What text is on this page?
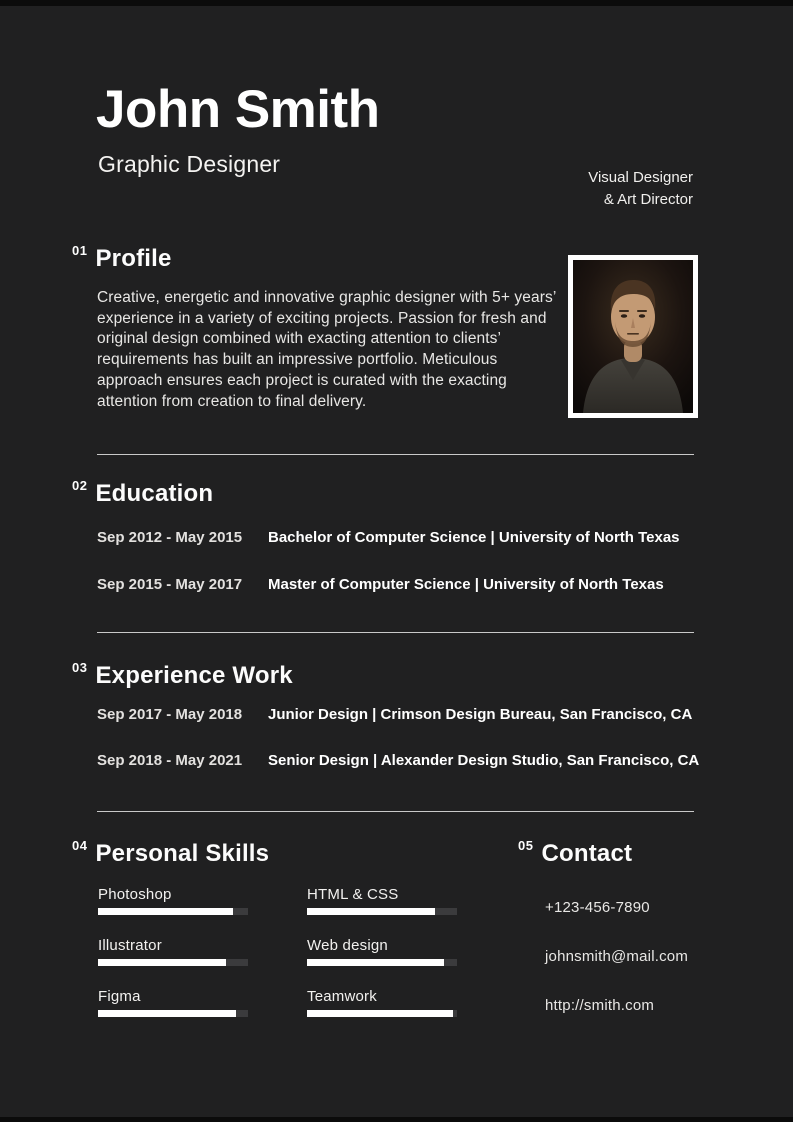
John Smith
Graphic Designer
Visual Designer
& Art Director
$^{01}$ Profile
Creative, energetic and innovative graphic designer with 5+ years’ experience in a variety of exciting projects. Passion for fresh and original design combined with exacting attention to clients’ requirements has built an impressive portfolio. Meticulous approach ensures each project is curated with the exacting attention from creation to final delivery.
$^{02}$ Education
Sep 2012 - May 2015	Bachelor of Computer Science | University of North Texas
Sep 2015 - May 2017	Master of Computer Science | University of North Texas
$^{03}$ Experience Work
Sep 2017 - May 2018	Junior Design | Crimson Design Bureau, San Francisco, CA
Sep 2018 - May 2021	Senior Design | Alexander Design Studio, San Francisco, CA
$^{04}$ Personal Skills
Photoshop
Illustrator
Figma
HTML & CSS
Web design
Teamwork
$^{05}$ Contact
+123-456-7890
johnsmith@mail.com
http://smith.com
